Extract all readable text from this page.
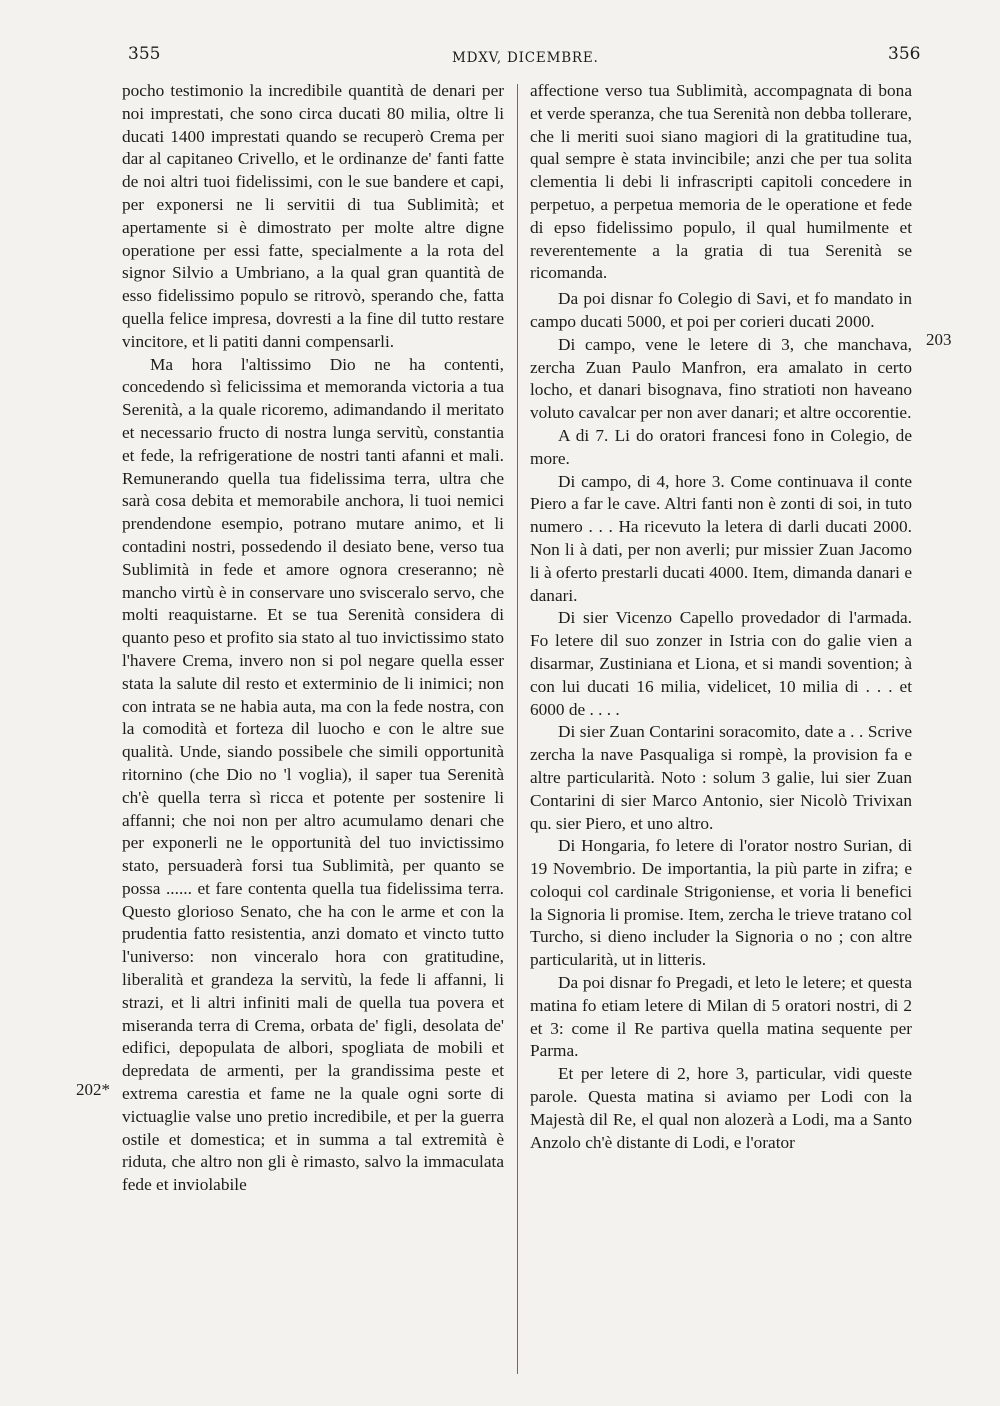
355	MDXV, DICEMBRE.	356

pocho testimonio la incredibile quantità de denari per noi imprestati, che sono circa ducati 80 milia, oltre li ducati 1400 imprestati quando se recuperò Crema per dar al capitaneo Crivello, et le ordinanze de' fanti fatte de noi altri tuoi fidelissimi, con le sue bandere et capi, per exponersi ne li servitii di tua Sublimità; et apertamente si è dimostrato per molte altre digne operatione per essi fatte, specialmente a la rota del signor Silvio a Umbriano, a la qual gran quantità de esso fidelissimo populo se ritrovò, sperando che, fatta quella felice impresa, dovresti a la fine dil tutto restare vincitore, et li patiti danni compensarli.

Ma hora l'altissimo Dio ne ha contenti, concedendo sì felicissima et memoranda victoria a tua Serenità, a la quale ricoremo, adimandando il meritato et necessario fructo di nostra lunga servitù, constantia et fede, la refrigeratione de nostri tanti afanni et mali. Remunerando quella tua fidelissima terra, ultra che sarà cosa debita et memorabile anchora, li tuoi nemici prendendone esempio, potrano mutare animo, et li contadini nostri, possedendo il desiato bene, verso tua Sublimità in fede et amore ognora creseranno; nè mancho virtù è in conservare uno svisceralo servo, che molti reaquistarne. Et se tua Serenità considera di quanto peso et profito sia stato al tuo invictissimo stato l'havere Crema, invero non si pol negare quella esser stata la salute dil resto et exterminio de li inimici; non con intrata se ne habia auta, ma con la fede nostra, con la comodità et forteza dil luocho e con le altre sue qualità. Unde, siando possibele che simili opportunità ritornino (che Dio no 'l voglia), il saper tua Serenità ch'è quella terra sì ricca et potente per sostenire li affanni; che noi non per altro acumulamo denari che per exponerli ne le opportunità del tuo invictissimo stato, persuaderà forsi tua Sublimità, per quanto se possa ...... et fare contenta quella tua fidelissima terra. Questo glorioso Senato, che ha con le arme et con la prudentia fatto resistentia, anzi domato et vincto tutto l'universo: non vinceralo hora con gratitudine, liberalità et grandeza la servitù, la fede li affanni, li strazi, et li altri infiniti mali de quella tua povera et miseranda terra di Crema, orbata de' figli, desolata de' edifici, depopulata de albori, spogliata de mobili et depredata de armenti, per la grandissima peste et extrema carestia et fame ne la quale ogni sorte di victuaglie valse uno pretio incredibile, et per la guerra ostile et domestica; et in summa a tal extremità è riduta, che altro non gli è rimasto, salvo la immaculata fede et inviolabile

affectione verso tua Sublimità, accompagnata di bona et verde speranza, che tua Serenità non debba tollerare, che li meriti suoi siano magiori di la gratitudine tua, qual sempre è stata invincibile; anzi che per tua solita clementia li debi li infrascripti capitoli concedere in perpetuo, a perpetua memoria de le operatione et fede di epso fidelissimo populo, il qual humilmente et reverentemente a la gratia di tua Serenità se ricomanda.

Da poi disnar fo Colegio di Savi, et fo mandato in campo ducati 5000, et poi per corieri ducati 2000.

Di campo, vene le letere di 3, che manchava, zercha Zuan Paulo Manfron, era amalato in certo locho, et danari bisognava, fino stratioti non haveano voluto cavalcar per non aver danari; et altre occorentie.

A di 7. Li do oratori francesi fono in Colegio, de more.

Di campo, di 4, hore 3. Come continuava il conte Piero a far le cave. Altri fanti non è zonti di soi, in tuto numero . . . Ha ricevuto la letera di darli ducati 2000. Non li à dati, per non averli; pur missier Zuan Jacomo li à oferto prestarli ducati 4000. Item, dimanda danari e danari.

Di sier Vicenzo Capello provedador di l'armada. Fo letere dil suo zonzer in Istria con do galie vien a disarmar, Zustiniana et Liona, et si mandi sovention; à con lui ducati 16 milia, videlicet, 10 milia di . . . et 6000 de . . . .

Di sier Zuan Contarini soracomito, date a . . Scrive zercha la nave Pasqualiga si rompè, la provision fa e altre particularità. Noto : solum 3 galie, lui sier Zuan Contarini di sier Marco Antonio, sier Nicolò Trivixan qu. sier Piero, et uno altro.

Di Hongaria, fo letere di l'orator nostro Surian, di 19 Novembrio. De importantia, la più parte in zifra; e coloqui col cardinale Strigoniense, et voria li benefici la Signoria li promise. Item, zercha le trieve tratano col Turcho, si dieno includer la Signoria o no ; con altre particularità, ut in litteris.

Da poi disnar fo Pregadi, et leto le letere; et questa matina fo etiam letere di Milan di 5 oratori nostri, di 2 et 3: come il Re partiva quella matina sequente per Parma.

Et per letere di 2, hore 3, particular, vidi queste parole. Questa matina si aviamo per Lodi con la Majestà dil Re, el qual non alozerà a Lodi, ma a Santo Anzolo ch'è distante di Lodi, e l'orator

203
202*
